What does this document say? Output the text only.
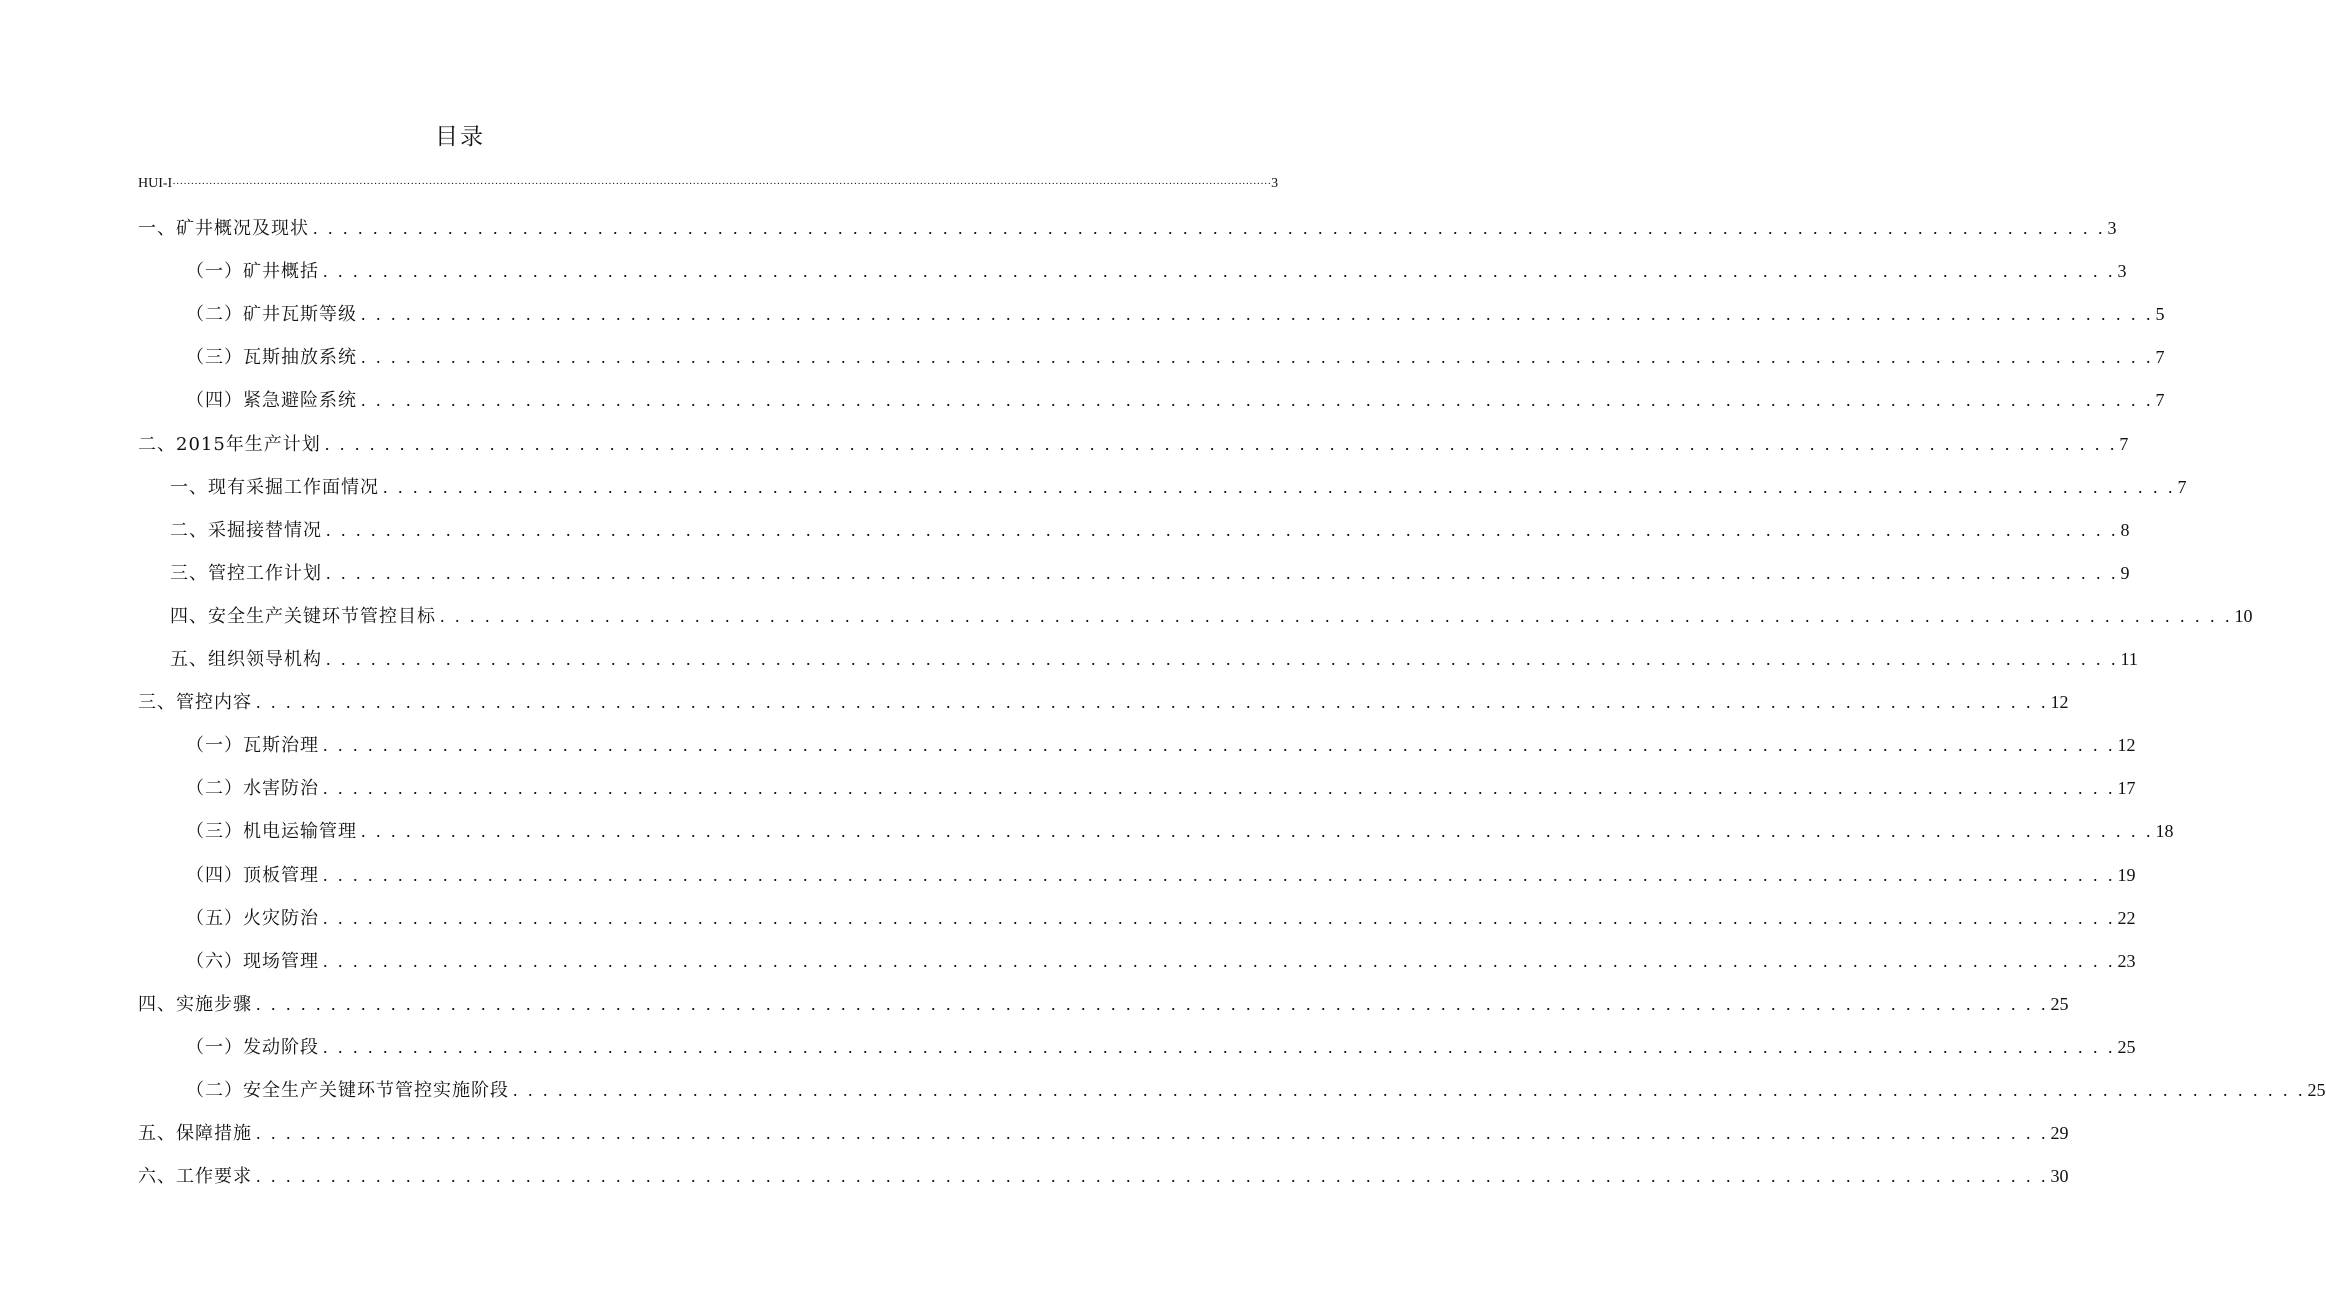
目录
HU I-I ············································································································································································································································································································ 3
一、矿井概况及现状 . . . . . . . . . . . . . . . . . . . . . . . . . . . . . . . . . . . . . . . . . . . . . . . . . . . . . . . . . . . . . . . . . . . . . . . . . . . . . . . . . . . . . . . . . . . . . . . . . . . . . . . . . . . . . . . . . . . . . . . . 3
（一）矿井概括 . . . . . . . . . . . . . . . . . . . . . . . . . . . . . . . . . . . . . . . . . . . . . . . . . . . . . . . . . . . . . . . . . . . . . . . . . . . . . . . . . . . . . . . . . . . . . . . . . . . . . . . . . . . . . . . . . . . . . . . . 3
（二）矿井瓦斯等级 . . . . . . . . . . . . . . . . . . . . . . . . . . . . . . . . . . . . . . . . . . . . . . . . . . . . . . . . . . . . . . . . . . . . . . . . . . . . . . . . . . . . . . . . . . . . . . . . . . . . . . . . . . . . . . . . . . . . . . . . 5
（三）瓦斯抽放系统 . . . . . . . . . . . . . . . . . . . . . . . . . . . . . . . . . . . . . . . . . . . . . . . . . . . . . . . . . . . . . . . . . . . . . . . . . . . . . . . . . . . . . . . . . . . . . . . . . . . . . . . . . . . . . . . . . . . . . . . . 7
（四）紧急避险系统 . . . . . . . . . . . . . . . . . . . . . . . . . . . . . . . . . . . . . . . . . . . . . . . . . . . . . . . . . . . . . . . . . . . . . . . . . . . . . . . . . . . . . . . . . . . . . . . . . . . . . . . . . . . . . . . . . . . . . . . . 7
二、2015年生产计划 . . . . . . . . . . . . . . . . . . . . . . . . . . . . . . . . . . . . . . . . . . . . . . . . . . . . . . . . . . . . . . . . . . . . . . . . . . . . . . . . . . . . . . . . . . . . . . . . . . . . . . . . . . . . . . . . . . . . . . . . 7
一、现有采掘工作面情况 . . . . . . . . . . . . . . . . . . . . . . . . . . . . . . . . . . . . . . . . . . . . . . . . . . . . . . . . . . . . . . . . . . . . . . . . . . . . . . . . . . . . . . . . . . . . . . . . . . . . . . . . . . . . . . . . . . . . . . . . 7
二、采掘接替情况 . . . . . . . . . . . . . . . . . . . . . . . . . . . . . . . . . . . . . . . . . . . . . . . . . . . . . . . . . . . . . . . . . . . . . . . . . . . . . . . . . . . . . . . . . . . . . . . . . . . . . . . . . . . . . . . . . . . . . . . . 8
三、管控工作计划 . . . . . . . . . . . . . . . . . . . . . . . . . . . . . . . . . . . . . . . . . . . . . . . . . . . . . . . . . . . . . . . . . . . . . . . . . . . . . . . . . . . . . . . . . . . . . . . . . . . . . . . . . . . . . . . . . . . . . . . . 9
四、安全生产关键环节管控目标 . . . . . . . . . . . . . . . . . . . . . . . . . . . . . . . . . . . . . . . . . . . . . . . . . . . . . . . . . . . . . . . . . . . . . . . . . . . . . . . . . . . . . . . . . . . . . . . . . . . . . . . . . . . . . . . . . . . . . . . . 10
五、组织领导机构 . . . . . . . . . . . . . . . . . . . . . . . . . . . . . . . . . . . . . . . . . . . . . . . . . . . . . . . . . . . . . . . . . . . . . . . . . . . . . . . . . . . . . . . . . . . . . . . . . . . . . . . . . . . . . . . . . . . . . . . . 11
三、管控内容 . . . . . . . . . . . . . . . . . . . . . . . . . . . . . . . . . . . . . . . . . . . . . . . . . . . . . . . . . . . . . . . . . . . . . . . . . . . . . . . . . . . . . . . . . . . . . . . . . . . . . . . . . . . . . . . . . . . . . . . . 12
（一）瓦斯治理 . . . . . . . . . . . . . . . . . . . . . . . . . . . . . . . . . . . . . . . . . . . . . . . . . . . . . . . . . . . . . . . . . . . . . . . . . . . . . . . . . . . . . . . . . . . . . . . . . . . . . . . . . . . . . . . . . . . . . . . . 12
（二）水害防治 . . . . . . . . . . . . . . . . . . . . . . . . . . . . . . . . . . . . . . . . . . . . . . . . . . . . . . . . . . . . . . . . . . . . . . . . . . . . . . . . . . . . . . . . . . . . . . . . . . . . . . . . . . . . . . . . . . . . . . . . 17
（三）机电运输管理 . . . . . . . . . . . . . . . . . . . . . . . . . . . . . . . . . . . . . . . . . . . . . . . . . . . . . . . . . . . . . . . . . . . . . . . . . . . . . . . . . . . . . . . . . . . . . . . . . . . . . . . . . . . . . . . . . . . . . . . . 18
（四）顶板管理 . . . . . . . . . . . . . . . . . . . . . . . . . . . . . . . . . . . . . . . . . . . . . . . . . . . . . . . . . . . . . . . . . . . . . . . . . . . . . . . . . . . . . . . . . . . . . . . . . . . . . . . . . . . . . . . . . . . . . . . . 19
（五）火灾防治 . . . . . . . . . . . . . . . . . . . . . . . . . . . . . . . . . . . . . . . . . . . . . . . . . . . . . . . . . . . . . . . . . . . . . . . . . . . . . . . . . . . . . . . . . . . . . . . . . . . . . . . . . . . . . . . . . . . . . . . . 22
（六）现场管理 . . . . . . . . . . . . . . . . . . . . . . . . . . . . . . . . . . . . . . . . . . . . . . . . . . . . . . . . . . . . . . . . . . . . . . . . . . . . . . . . . . . . . . . . . . . . . . . . . . . . . . . . . . . . . . . . . . . . . . . . 23
四、实施步骤 . . . . . . . . . . . . . . . . . . . . . . . . . . . . . . . . . . . . . . . . . . . . . . . . . . . . . . . . . . . . . . . . . . . . . . . . . . . . . . . . . . . . . . . . . . . . . . . . . . . . . . . . . . . . . . . . . . . . . . . . 25
（一）发动阶段 . . . . . . . . . . . . . . . . . . . . . . . . . . . . . . . . . . . . . . . . . . . . . . . . . . . . . . . . . . . . . . . . . . . . . . . . . . . . . . . . . . . . . . . . . . . . . . . . . . . . . . . . . . . . . . . . . . . . . . . . 25
（二）安全生产关键环节管控实施阶段 . . . . . . . . . . . . . . . . . . . . . . . . . . . . . . . . . . . . . . . . . . . . . . . . . . . . . . . . . . . . . . . . . . . . . . . . . . . . . . . . . . . . . . . . . . . . . . . . . . . . . . . . . . . . . . . . . . . . . . . . 25
五、保障措施 . . . . . . . . . . . . . . . . . . . . . . . . . . . . . . . . . . . . . . . . . . . . . . . . . . . . . . . . . . . . . . . . . . . . . . . . . . . . . . . . . . . . . . . . . . . . . . . . . . . . . . . . . . . . . . . . . . . . . . . . 29
六、工作要求 . . . . . . . . . . . . . . . . . . . . . . . . . . . . . . . . . . . . . . . . . . . . . . . . . . . . . . . . . . . . . . . . . . . . . . . . . . . . . . . . . . . . . . . . . . . . . . . . . . . . . . . . . . . . . . . . . . . . . . . . 30
